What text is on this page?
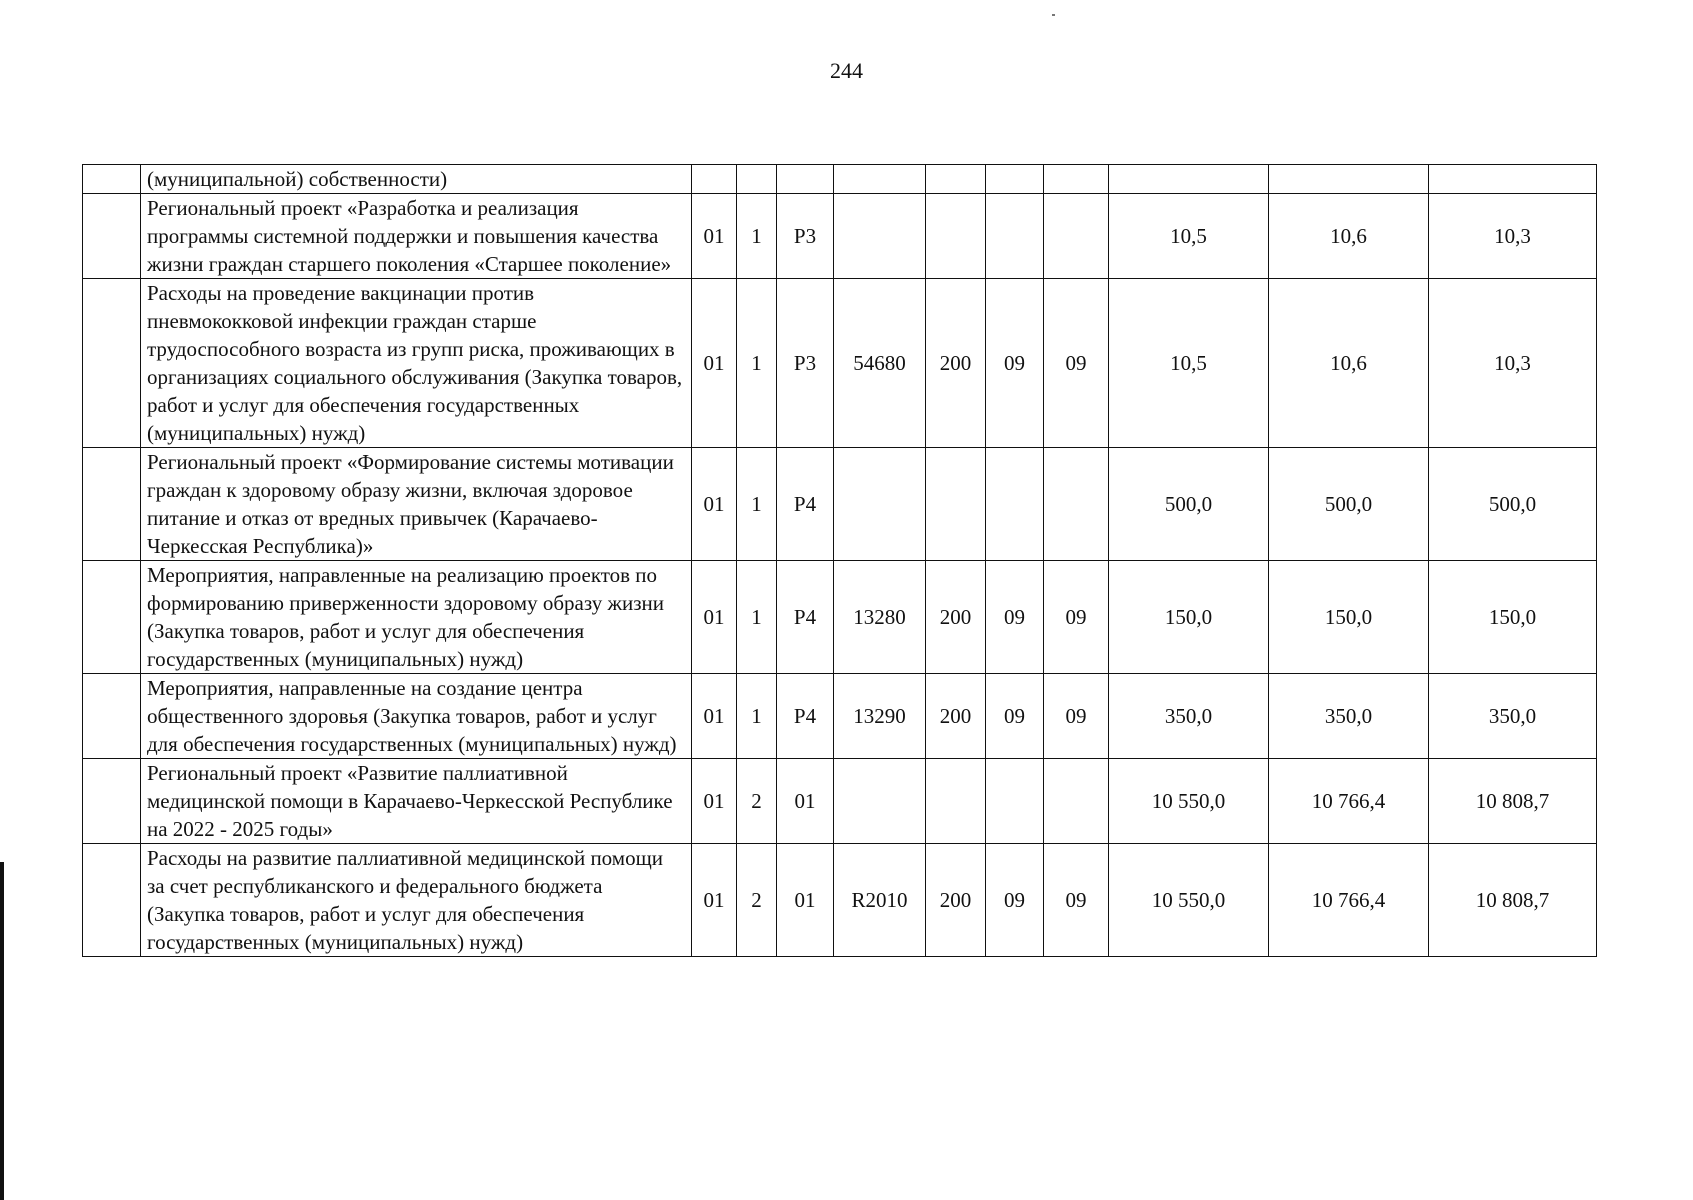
244
	(муниципальной) собственности)										
	Региональный проект «Разработка и реализация программы системной поддержки и повышения качества жизни граждан старшего поколения «Старшее поколение»	01	1	P3					10,5	10,6	10,3
	Расходы на проведение вакцинации против пневмококковой инфекции граждан старше трудоспособного возраста из групп риска, проживающих в организациях социального обслуживания (Закупка товаров, работ и услуг для обеспечения государственных (муниципальных) нужд)	01	1	P3	54680	200	09	09	10,5	10,6	10,3
	Региональный проект «Формирование системы мотивации граждан к здоровому образу жизни, включая здоровое питание и отказ от вредных привычек (Карачаево-Черкесская Республика)»	01	1	P4					500,0	500,0	500,0
	Мероприятия, направленные на реализацию проектов по формированию приверженности здоровому образу жизни (Закупка товаров, работ и услуг для обеспечения государственных (муниципальных) нужд)	01	1	P4	13280	200	09	09	150,0	150,0	150,0
	Мероприятия, направленные на создание центра общественного здоровья (Закупка товаров, работ и услуг для обеспечения государственных (муниципальных) нужд)	01	1	P4	13290	200	09	09	350,0	350,0	350,0
	Региональный проект «Развитие паллиативной медицинской помощи в Карачаево-Черкесской Республике на 2022 - 2025 годы»	01	2	01					10 550,0	10 766,4	10 808,7
	Расходы на развитие паллиативной медицинской помощи за счет республиканского и федерального бюджета (Закупка товаров, работ и услуг для обеспечения государственных (муниципальных) нужд)	01	2	01	R2010	200	09	09	10 550,0	10 766,4	10 808,7
